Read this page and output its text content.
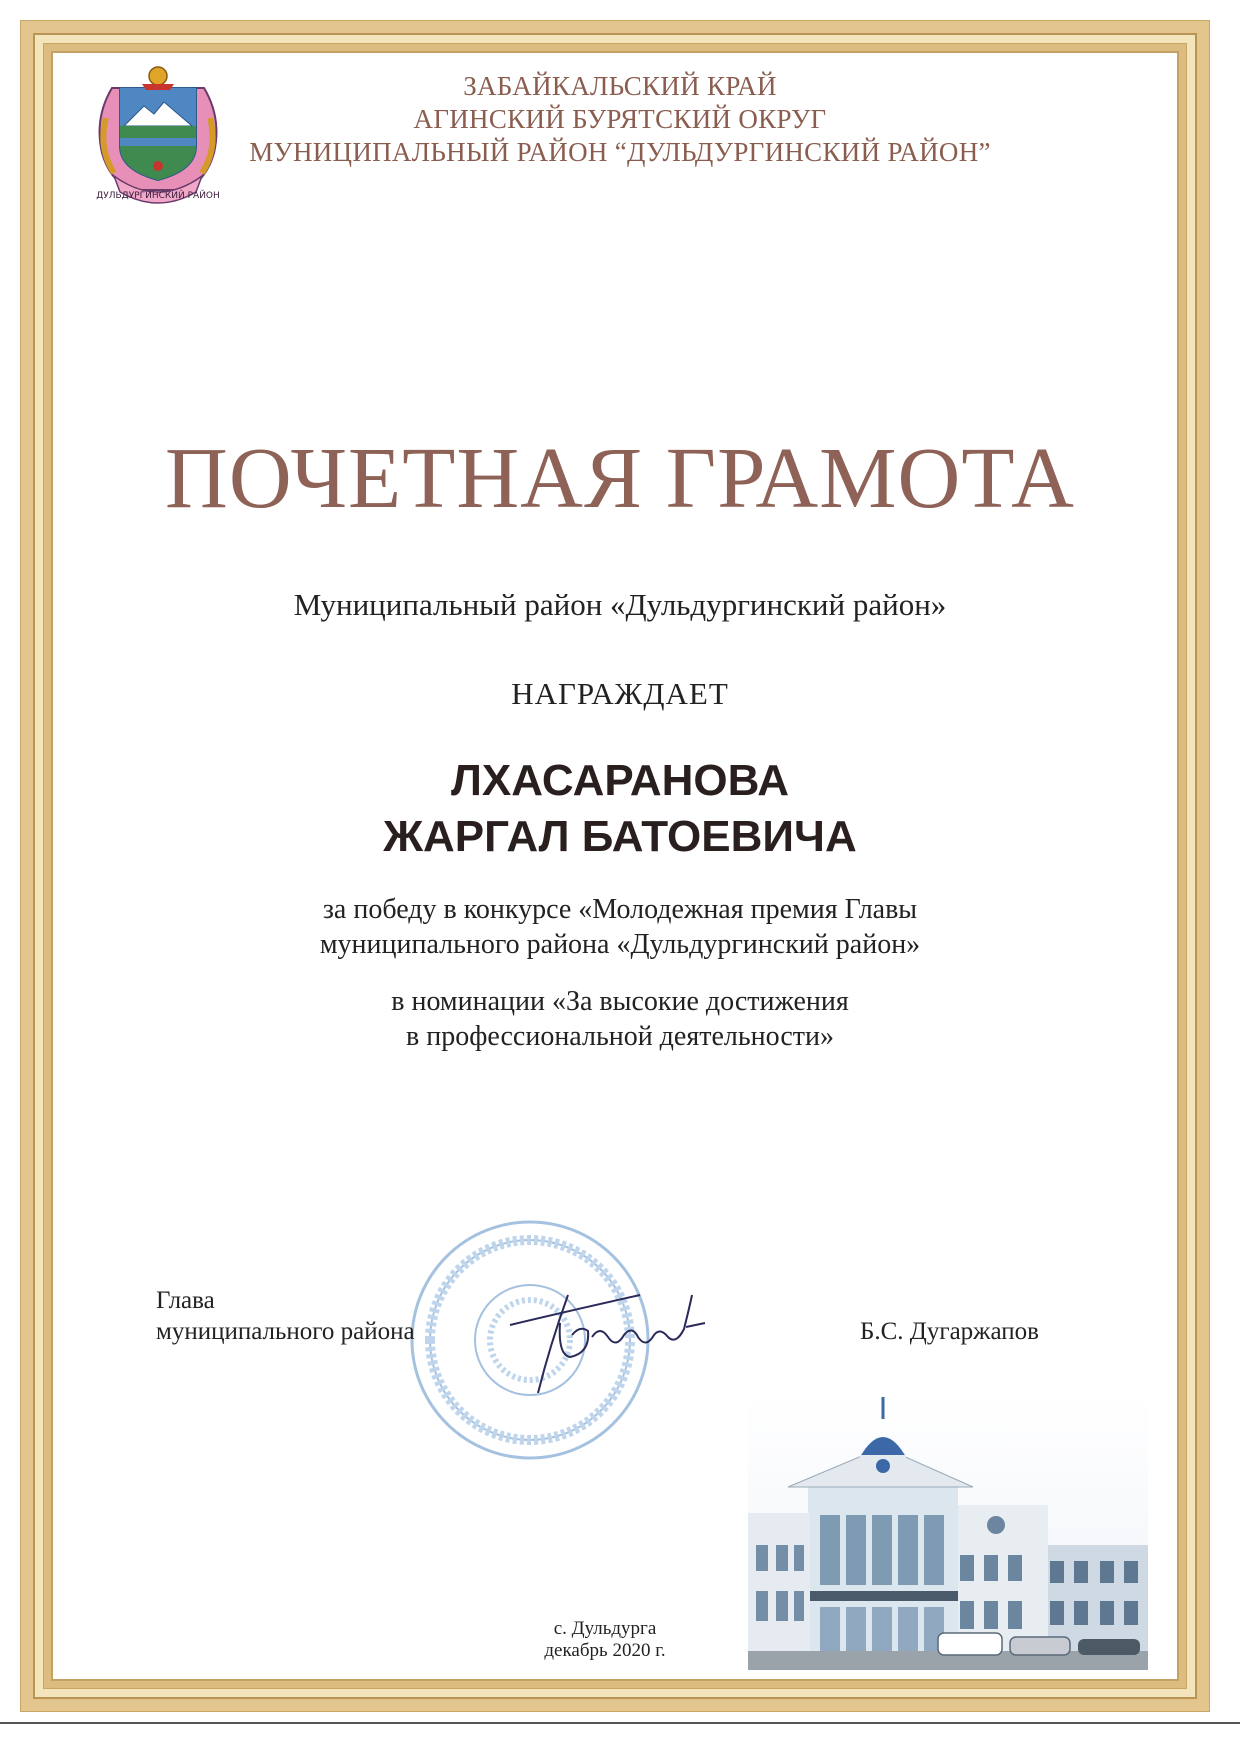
ДУЛЬДУРГИНСКИЙ РАЙОН
ЗАБАЙКАЛЬСКИЙ КРАЙ
АГИНСКИЙ БУРЯТСКИЙ ОКРУГ
МУНИЦИПАЛЬНЫЙ РАЙОН “ДУЛЬДУРГИНСКИЙ РАЙОН”
ПОЧЕТНАЯ ГРАМОТА
Муниципальный район «Дульдургинский район»
НАГРАЖДАЕТ
ЛХАСАРАНОВА
ЖАРГАЛ БАТОЕВИЧА
за победу в конкурсе «Молодежная премия Главы
муниципального района «Дульдургинский район»
в номинации «За высокие достижения
в профессиональной деятельности»
Глава
муниципального района	Б.С. Дугаржапов
с. Дульдурга
декабрь 2020 г.
